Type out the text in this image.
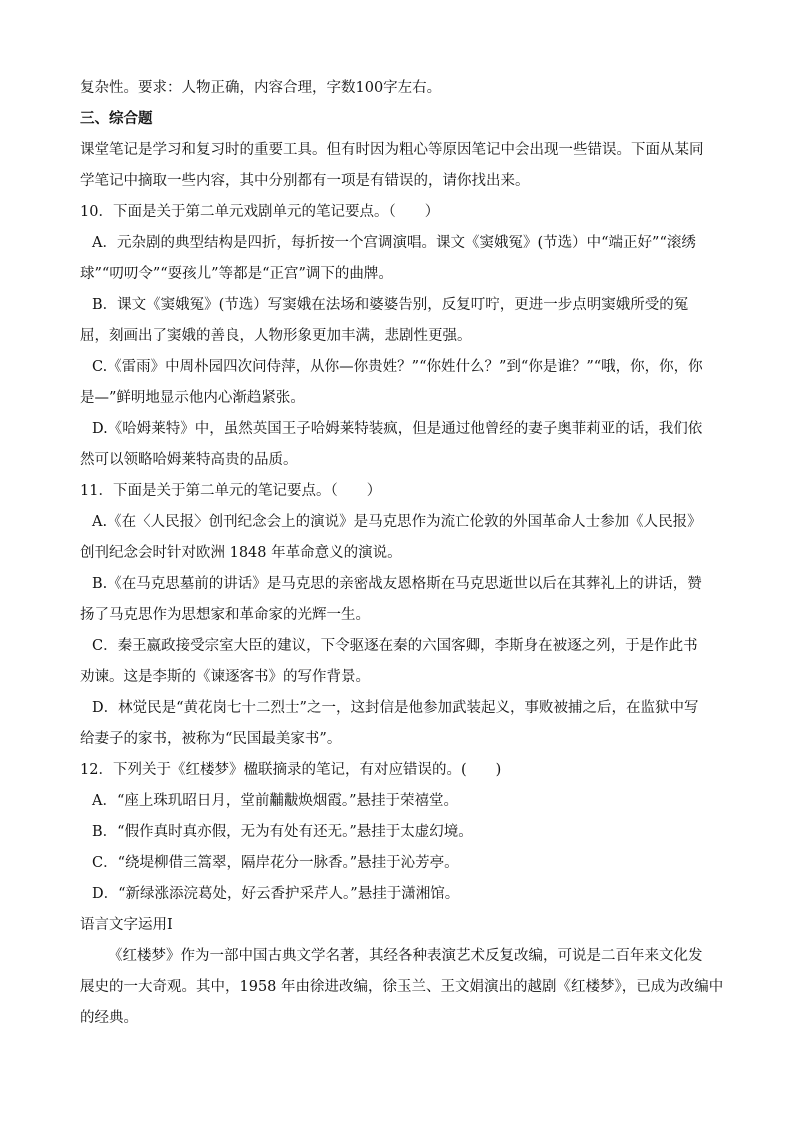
复杂性。要求：人物正确，内容合理，字数100字左右。
三、综合题
课堂笔记是学习和复习时的重要工具。但有时因为粗心等原因笔记中会出现一些错误。下面从某同
学笔记中摘取一些内容，其中分别都有一项是有错误的，请你找出来。
10．下面是关于第二单元戏剧单元的笔记要点。（　　）
A．元杂剧的典型结构是四折，每折按一个宫调演唱。课文《窦娥冤》(节选）中“端正好”“滚绣
球”“叨叨令”“耍孩儿”等都是“正宫”调下的曲牌。
B．课文《窦娥冤》(节选）写窦娥在法场和婆婆告别，反复叮咛，更进一步点明窦娥所受的冤
屈，刻画出了窦娥的善良，人物形象更加丰满，悲剧性更强。
C.《雷雨》中周朴园四次问侍萍，从你—你贵姓？”“你姓什么？”到“你是谁？”“哦，你，你，你
是—”鲜明地显示他内心渐趋紧张。
D.《哈姆莱特》中，虽然英国王子哈姆莱特装疯，但是通过他曾经的妻子奥菲莉亚的话，我们依
然可以领略哈姆莱特高贵的品质。
11．下面是关于第二单元的笔记要点。（　　）
A.《在〈人民报〉创刊纪念会上的演说》是马克思作为流亡伦敦的外国革命人士参加《人民报》
创刊纪念会时针对欧洲 1848 年革命意义的演说。
B.《在马克思墓前的讲话》是马克思的亲密战友恩格斯在马克思逝世以后在其葬礼上的讲话，赞
扬了马克思作为思想家和革命家的光辉一生。
C．秦王嬴政接受宗室大臣的建议，下令驱逐在秦的六国客卿，李斯身在被逐之列，于是作此书
劝谏。这是李斯的《谏逐客书》的写作背景。
D．林觉民是“黄花岗七十二烈士”之一，这封信是他参加武装起义，事败被捕之后，在监狱中写
给妻子的家书，被称为“民国最美家书”。
12．下列关于《红楼梦》楹联摘录的笔记，有对应错误的。(　　)
A．“座上珠玑昭日月，堂前黼黻焕烟霞。”悬挂于荣禧堂。
B．“假作真时真亦假，无为有处有还无。”悬挂于太虚幻境。
C．“绕堤柳借三篙翠，隔岸花分一脉香。”悬挂于沁芳亭。
D．“新绿涨添浣葛处，好云香护采芹人。”悬挂于潇湘馆。
语言文字运用Ⅰ
《红楼梦》作为一部中国古典文学名著，其经各种表演艺术反复改编，可说是二百年来文化发
展史的一大奇观。其中，1958 年由徐进改编，徐玉兰、王文娟演出的越剧《红楼梦》，已成为改编中
的经典。
